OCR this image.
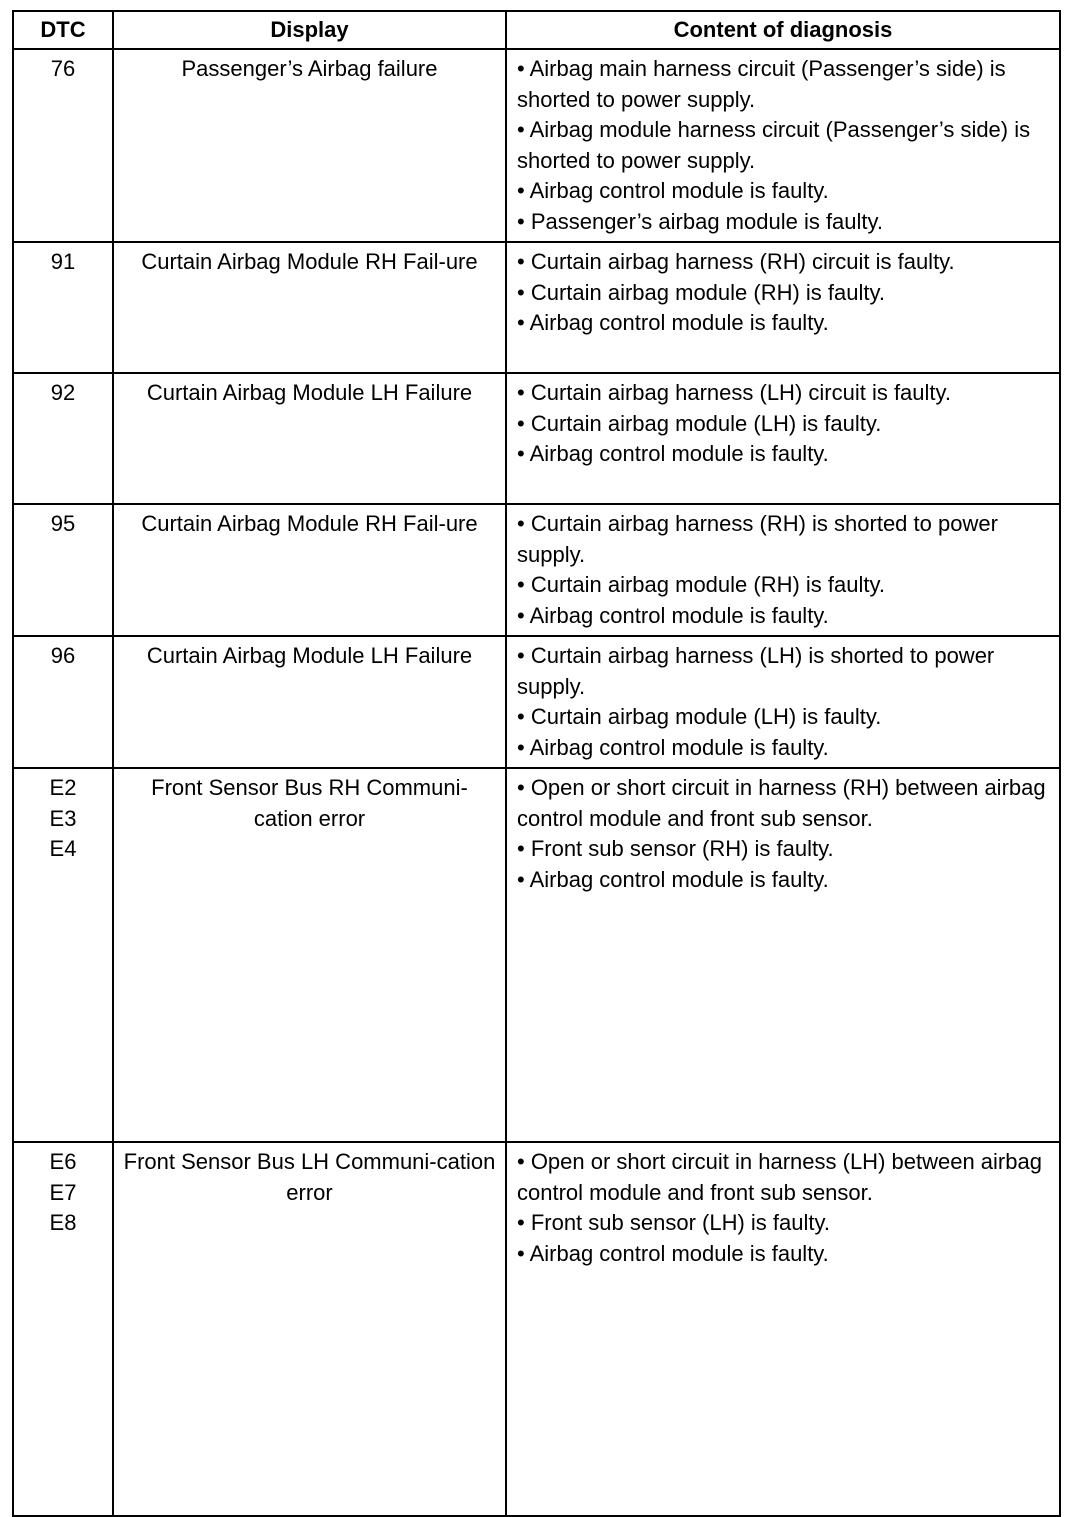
DTC	Display	Content of diagnosis

76	Passenger’s Airbag failure	• Airbag main harness circuit (Passenger’s side) is shorted to power supply.
• Airbag module harness circuit (Passenger’s side) is shorted to power supply.
• Airbag control module is faulty.
• Passenger’s airbag module is faulty.

91	Curtain Airbag Module RH Fail-ure	• Curtain airbag harness (RH) circuit is faulty.
• Curtain airbag module (RH) is faulty.
• Airbag control module is faulty.

92	Curtain Airbag Module LH Failure	• Curtain airbag harness (LH) circuit is faulty.
• Curtain airbag module (LH) is faulty.
• Airbag control module is faulty.

95	Curtain Airbag Module RH Fail-ure	• Curtain airbag harness (RH) is shorted to power supply.
• Curtain airbag module (RH) is faulty.
• Airbag control module is faulty.

96	Curtain Airbag Module LH Failure	• Curtain airbag harness (LH) is shorted to power supply.
• Curtain airbag module (LH) is faulty.
• Airbag control module is faulty.

E2
E3
E4	Front Sensor Bus RH Communi-cation error	• Open or short circuit in harness (RH) between airbag control module and front sub sensor.
• Front sub sensor (RH) is faulty.
• Airbag control module is faulty.

E6
E7
E8	Front Sensor Bus LH Communi-cation error	• Open or short circuit in harness (LH) between airbag control module and front sub sensor.
• Front sub sensor (LH) is faulty.
• Airbag control module is faulty.
